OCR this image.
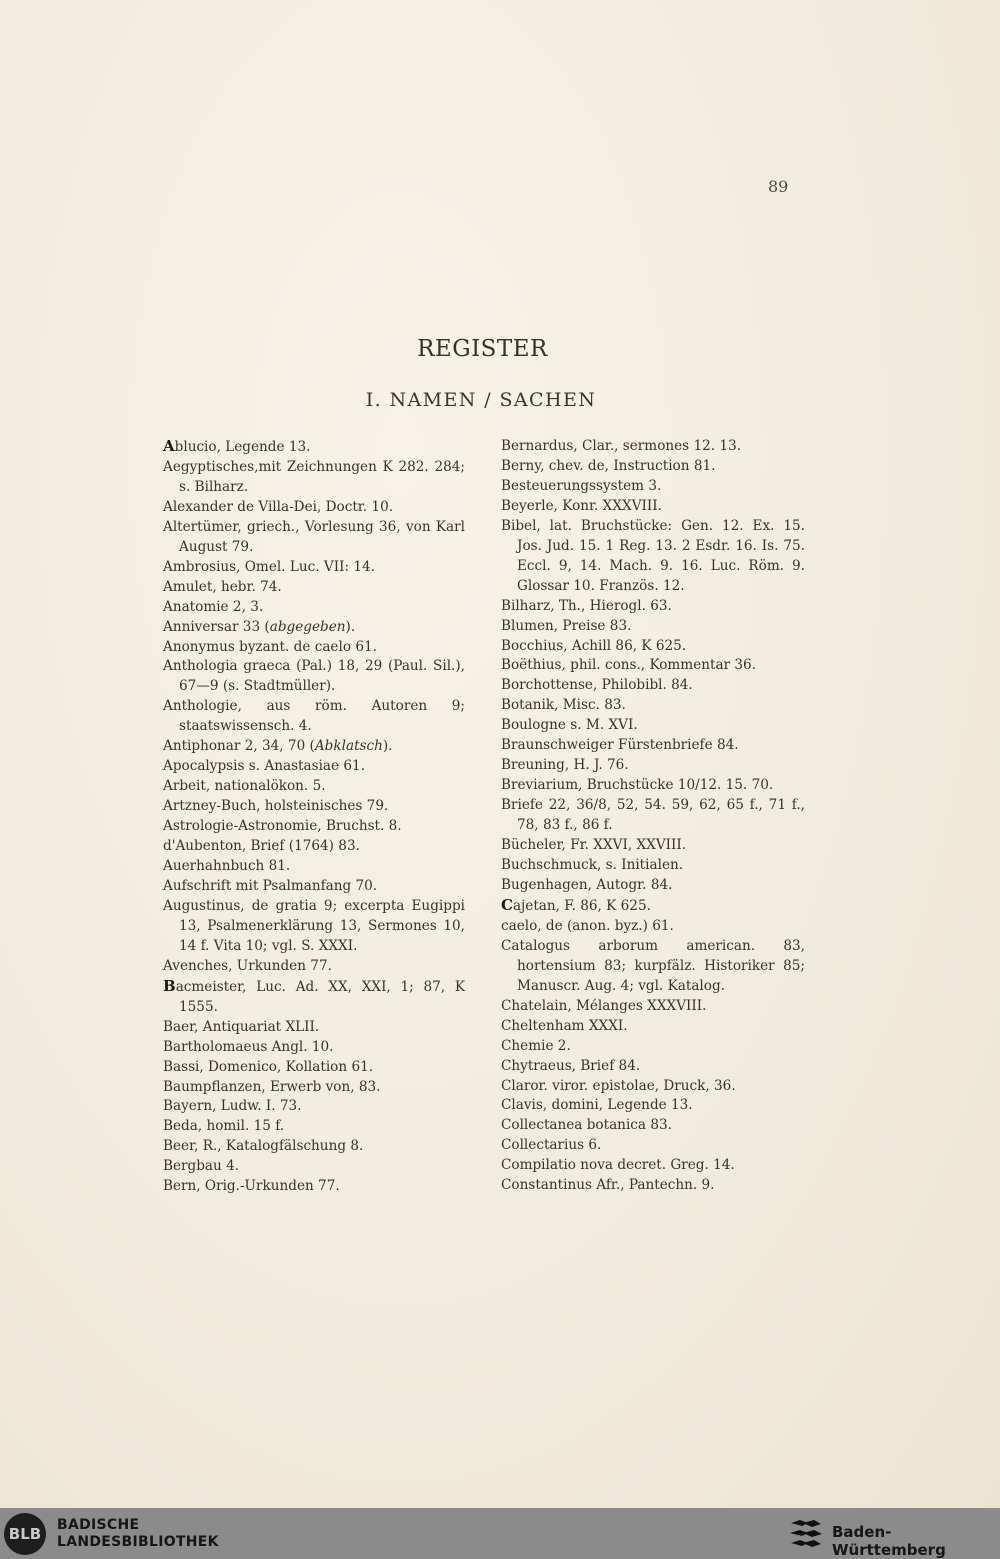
89
REGISTER
I. NAMEN / SACHEN
Ablucio, Legende 13.
Aegyptisches,mit Zeichnungen K 282. 284; s. Bilharz.
Alexander de Villa-Dei, Doctr. 10.
Altertümer, griech., Vorlesung 36, von Karl August 79.
Ambrosius, Omel. Luc. VII: 14.
Amulet, hebr. 74.
Anatomie 2, 3.
Anniversar 33 (abgegeben).
Anonymus byzant. de caelo 61.
Anthologia graeca (Pal.) 18, 29 (Paul. Sil.), 67—9 (s. Stadtmüller).
Anthologie, aus röm. Autoren 9; staatswissensch. 4.
Antiphonar 2, 34, 70 (Abklatsch).
Apocalypsis s. Anastasiae 61.
Arbeit, nationalökon. 5.
Artzney-Buch, holsteinisches 79.
Astrologie-Astronomie, Bruchst. 8.
d'Aubenton, Brief (1764) 83.
Auerhahnbuch 81.
Aufschrift mit Psalmanfang 70.
Augustinus, de gratia 9; excerpta Eugippi 13, Psalmenerklärung 13, Sermones 10, 14 f. Vita 10; vgl. S. XXXI.
Avenches, Urkunden 77.
Bacmeister, Luc. Ad. XX, XXI, 1; 87, K 1555.
Baer, Antiquariat XLII.
Bartholomaeus Angl. 10.
Bassi, Domenico, Kollation 61.
Baumpflanzen, Erwerb von, 83.
Bayern, Ludw. I. 73.
Beda, homil. 15 f.
Beer, R., Katalogfälschung 8.
Bergbau 4.
Bern, Orig.-Urkunden 77.
Bernardus, Clar., sermones 12. 13.
Berny, chev. de, Instruction 81.
Besteuerungssystem 3.
Beyerle, Konr. XXXVIII.
Bibel, lat. Bruchstücke: Gen. 12. Ex. 15. Jos. Jud. 15. 1 Reg. 13. 2 Esdr. 16. Is. 75. Eccl. 9, 14. Mach. 9. 16. Luc. Röm. 9. Glossar 10. Französ. 12.
Bilharz, Th., Hierogl. 63.
Blumen, Preise 83.
Bocchius, Achill 86, K 625.
Boëthius, phil. cons., Kommentar 36.
Borchottense, Philobibl. 84.
Botanik, Misc. 83.
Boulogne s. M. XVI.
Braunschweiger Fürstenbriefe 84.
Breuning, H. J. 76.
Breviarium, Bruchstücke 10/12. 15. 70.
Briefe 22, 36/8, 52, 54. 59, 62, 65 f., 71 f., 78, 83 f., 86 f.
Bücheler, Fr. XXVI, XXVIII.
Buchschmuck, s. Initialen.
Bugenhagen, Autogr. 84.
Cajetan, F. 86, K 625.
caelo, de (anon. byz.) 61.
Catalogus arborum american. 83, hortensium 83; kurpfälz. Historiker 85; Manuscr. Aug. 4; vgl. Katalog.
Chatelain, Mélanges XXXVIII.
Cheltenham XXXI.
Chemie 2.
Chytraeus, Brief 84.
Claror. viror. epistolae, Druck, 36.
Clavis, domini, Legende 13.
Collectanea botanica 83.
Collectarius 6.
Compilatio nova decret. Greg. 14.
Constantinus Afr., Pantechn. 9.
BLB	BADISCHE
LANDESBIBLIOTHEK
Baden-Württemberg
